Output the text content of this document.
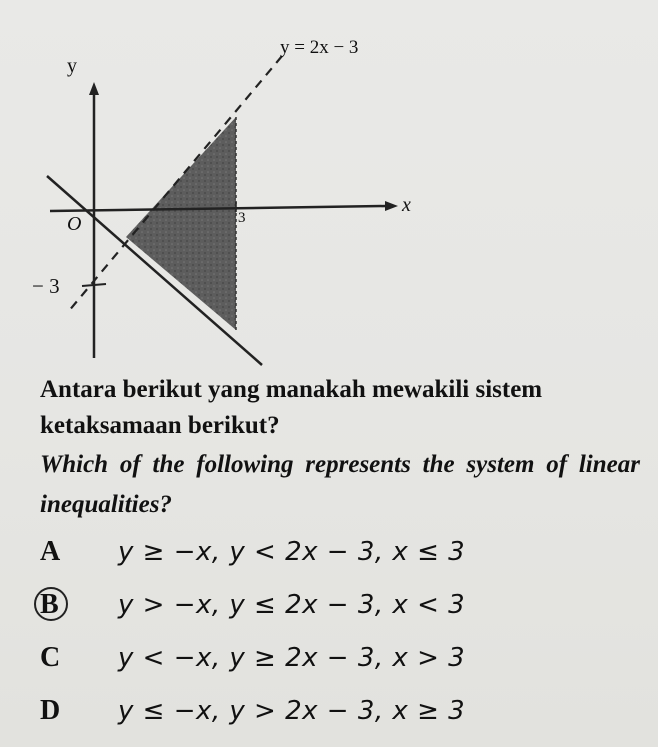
y
x
O	3
− 3
y = 2x − 3

Antara berikut yang manakah mewakili sistem ketaksamaan berikut?

Which of the following represents the system of linear inequalities?

A	y ≥ −x, y < 2x − 3, x ≤ 3
B	y > −x, y ≤ 2x − 3, x < 3
C	y < −x, y ≥ 2x − 3, x > 3
D	y ≤ −x, y > 2x − 3, x ≥ 3
